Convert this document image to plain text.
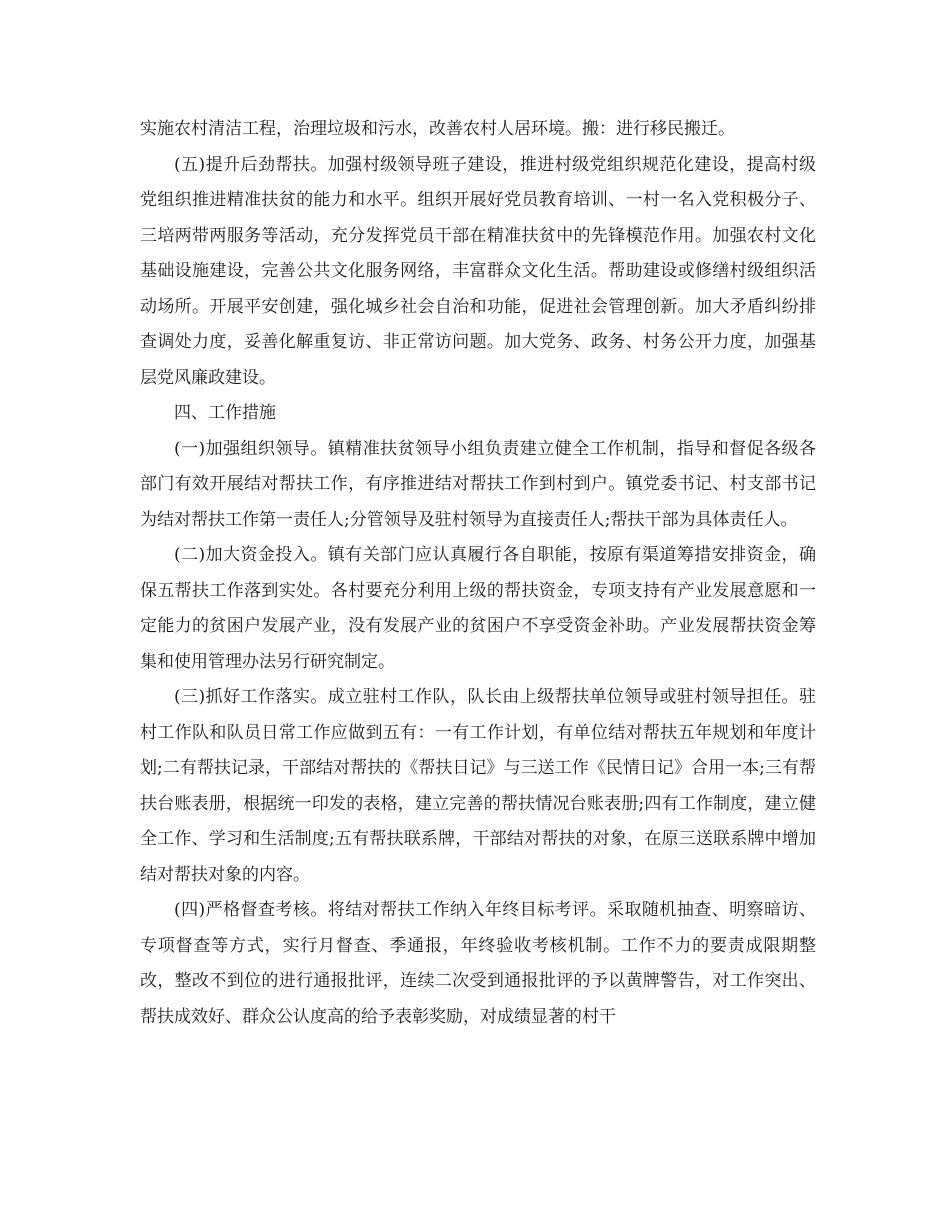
实施农村清洁工程，治理垃圾和污水，改善农村人居环境。搬：进行移民搬迁。

(五)提升后劲帮扶。加强村级领导班子建设，推进村级党组织规范化建设，提高村级党组织推进精准扶贫的能力和水平。组织开展好党员教育培训、一村一名入党积极分子、三培两带两服务等活动，充分发挥党员干部在精准扶贫中的先锋模范作用。加强农村文化基础设施建设，完善公共文化服务网络，丰富群众文化生活。帮助建设或修缮村级组织活动场所。开展平安创建，强化城乡社会自治和功能，促进社会管理创新。加大矛盾纠纷排查调处力度，妥善化解重复访、非正常访问题。加大党务、政务、村务公开力度，加强基层党风廉政建设。

四、工作措施

(一)加强组织领导。镇精准扶贫领导小组负责建立健全工作机制，指导和督促各级各部门有效开展结对帮扶工作，有序推进结对帮扶工作到村到户。镇党委书记、村支部书记为结对帮扶工作第一责任人;分管领导及驻村领导为直接责任人;帮扶干部为具体责任人。

(二)加大资金投入。镇有关部门应认真履行各自职能，按原有渠道筹措安排资金，确保五帮扶工作落到实处。各村要充分利用上级的帮扶资金，专项支持有产业发展意愿和一定能力的贫困户发展产业，没有发展产业的贫困户不享受资金补助。产业发展帮扶资金筹集和使用管理办法另行研究制定。

(三)抓好工作落实。成立驻村工作队，队长由上级帮扶单位领导或驻村领导担任。驻村工作队和队员日常工作应做到五有：一有工作计划，有单位结对帮扶五年规划和年度计划;二有帮扶记录，干部结对帮扶的《帮扶日记》与三送工作《民情日记》合用一本;三有帮扶台账表册，根据统一印发的表格，建立完善的帮扶情况台账表册;四有工作制度，建立健全工作、学习和生活制度;五有帮扶联系牌，干部结对帮扶的对象，在原三送联系牌中增加结对帮扶对象的内容。

(四)严格督查考核。将结对帮扶工作纳入年终目标考评。采取随机抽查、明察暗访、专项督查等方式，实行月督查、季通报，年终验收考核机制。工作不力的要责成限期整改，整改不到位的进行通报批评，连续二次受到通报批评的予以黄牌警告，对工作突出、帮扶成效好、群众公认度高的给予表彰奖励，对成绩显著的村干
